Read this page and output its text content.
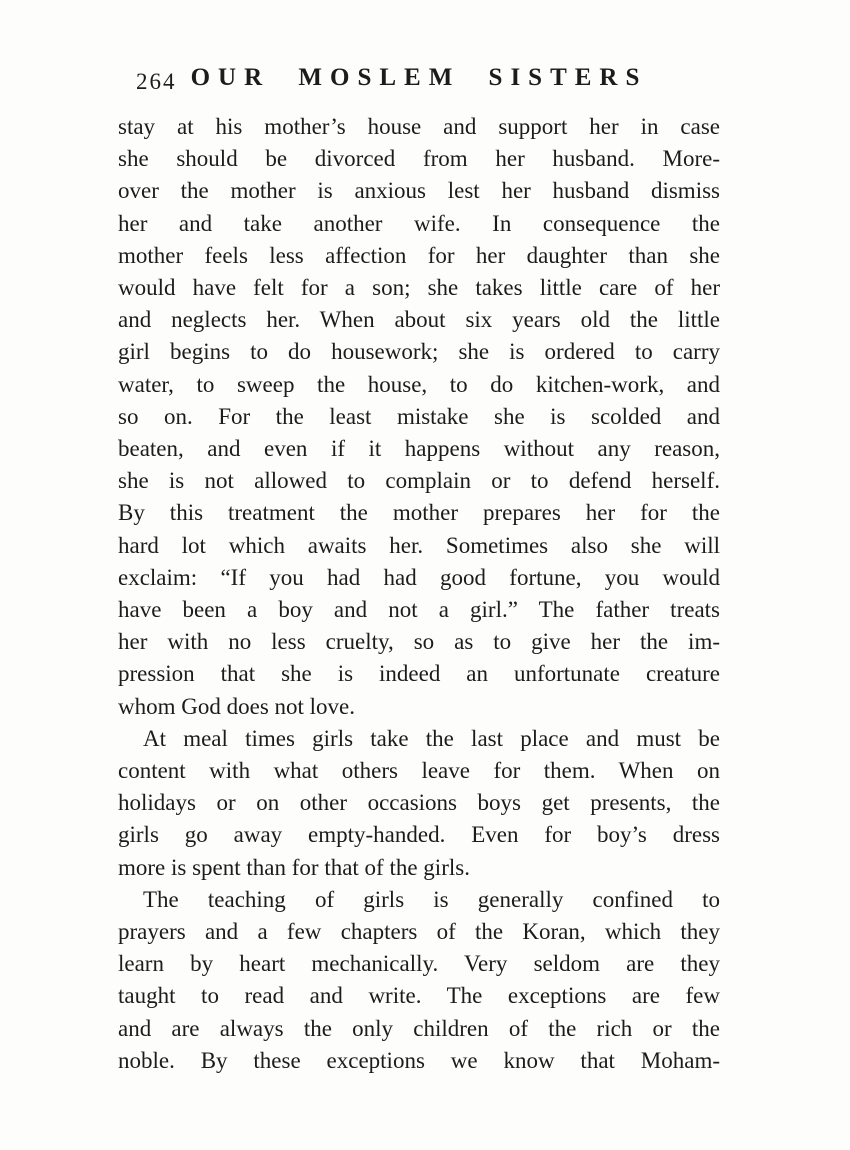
264 OUR MOSLEM SISTERS
stay at his mother’s house and support her in case
she should be divorced from her husband. More-
over the mother is anxious lest her husband dismiss
her and take another wife. In consequence the
mother feels less affection for her daughter than she
would have felt for a son; she takes little care of her
and neglects her. When about six years old the little
girl begins to do housework; she is ordered to carry
water, to sweep the house, to do kitchen-work, and
so on. For the least mistake she is scolded and
beaten, and even if it happens without any reason,
she is not allowed to complain or to defend herself.
By this treatment the mother prepares her for the
hard lot which awaits her. Sometimes also she will
exclaim: “If you had had good fortune, you would
have been a boy and not a girl.” The father treats
her with no less cruelty, so as to give her the im-
pression that she is indeed an unfortunate creature
whom God does not love.
At meal times girls take the last place and must be
content with what others leave for them. When on
holidays or on other occasions boys get presents, the
girls go away empty-handed. Even for boy’s dress
more is spent than for that of the girls.
The teaching of girls is generally confined to
prayers and a few chapters of the Koran, which they
learn by heart mechanically. Very seldom are they
taught to read and write. The exceptions are few
and are always the only children of the rich or the
noble. By these exceptions we know that Moham-
